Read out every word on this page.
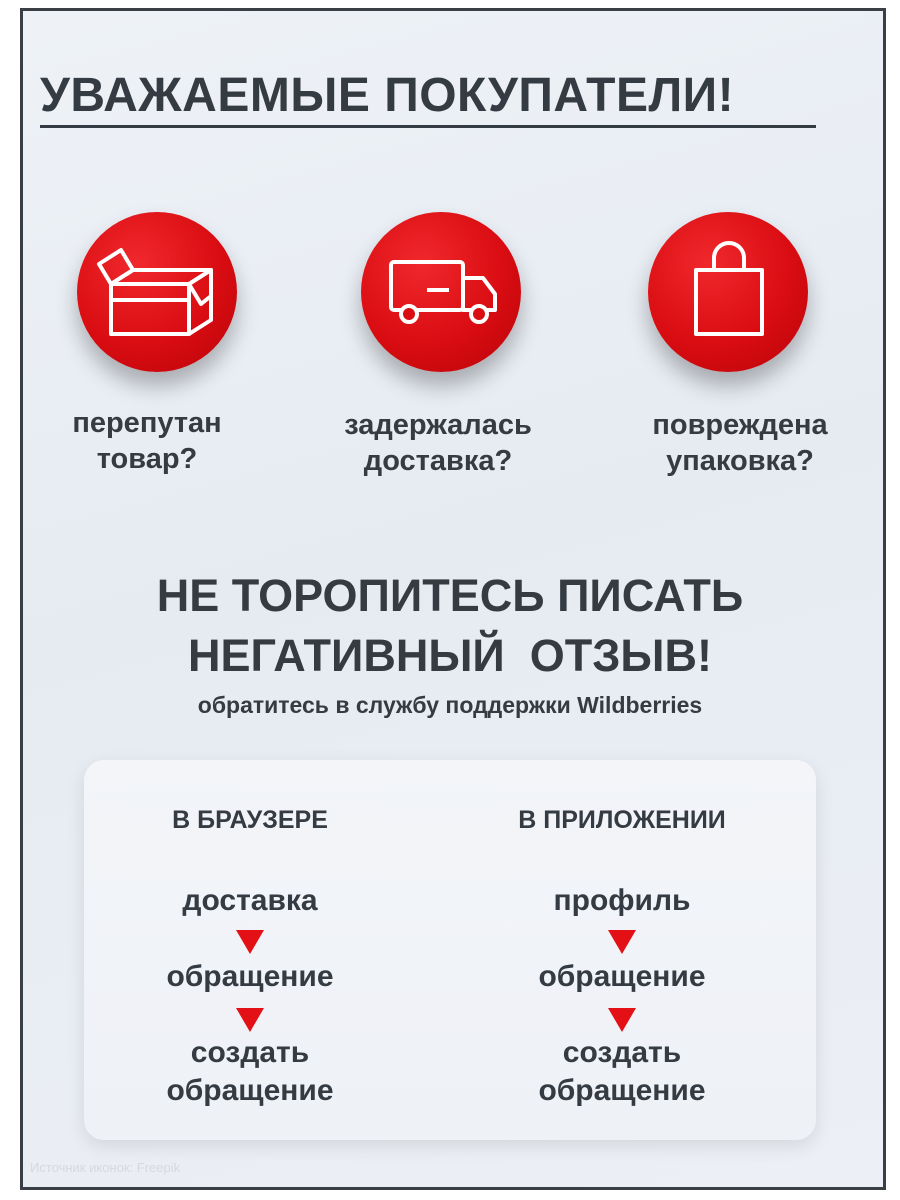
УВАЖАЕМЫЕ ПОКУПАТЕЛИ!
перепутан
товар?
задержалась
доставка?
повреждена
упаковка?
НЕ ТОРОПИТЕСЬ ПИСАТЬ
НЕГАТИВНЫЙ  ОТЗЫВ!
обратитесь в службу поддержки Wildberries
В БРАУЗЕРЕ
доставка
обращение
создать
обращение
В ПРИЛОЖЕНИИ
профиль
обращение
создать
обращение
Источник иконок: Freepik
